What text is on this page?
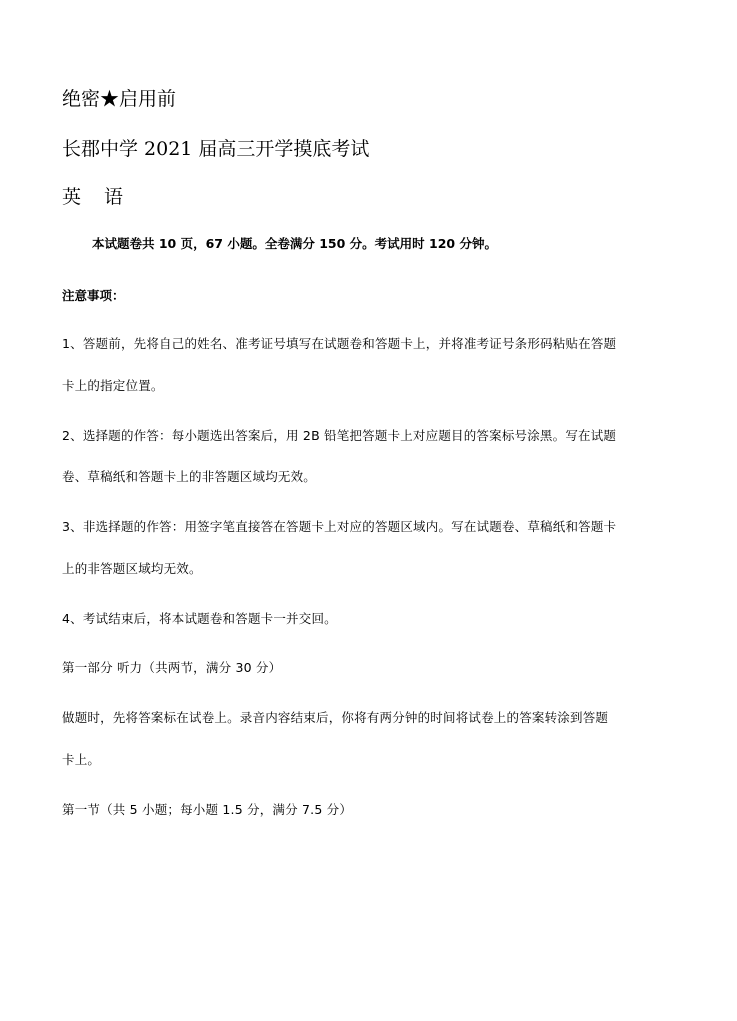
绝密★启用前
长郡中学 2021 届高三开学摸底考试
英　语
本试题卷共 10 页，67 小题。全卷满分 150 分。考试用时 120 分钟。
注意事项：
1、答题前，先将自己的姓名、准考证号填写在试题卷和答题卡上，并将准考证号条形码粘贴在答题
卡上的指定位置。
2、选择题的作答：每小题选出答案后，用 2B 铅笔把答题卡上对应题目的答案标号涂黑。写在试题
卷、草稿纸和答题卡上的非答题区域均无效。
3、非选择题的作答：用签字笔直接答在答题卡上对应的答题区域内。写在试题卷、草稿纸和答题卡
上的非答题区域均无效。
4、考试结束后，将本试题卷和答题卡一并交回。
第一部分 听力（共两节，满分 30 分）
做题时，先将答案标在试卷上。录音内容结束后，你将有两分钟的时间将试卷上的答案转涂到答题
卡上。
第一节（共 5 小题；每小题 1.5 分，满分 7.5 分）
